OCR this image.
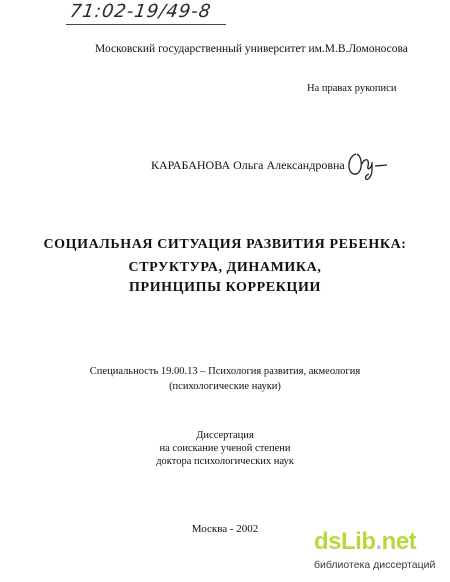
71:02-19/49-8
Московский государственный университет им.М.В.Ломоносова
На правах рукописи
КАРАБАНОВА Ольга Александровна
СОЦИАЛЬНАЯ СИТУАЦИЯ РАЗВИТИЯ РЕБЕНКА:
СТРУКТУРА, ДИНАМИКА,
ПРИНЦИПЫ КОРРЕКЦИИ
Специальность 19.00.13 – Психология развития, акмеология
(психологические науки)
Диссертация
на соискание ученой степени
доктора психологических наук
Москва - 2002	dsLib.net
библиотека диссертаций
